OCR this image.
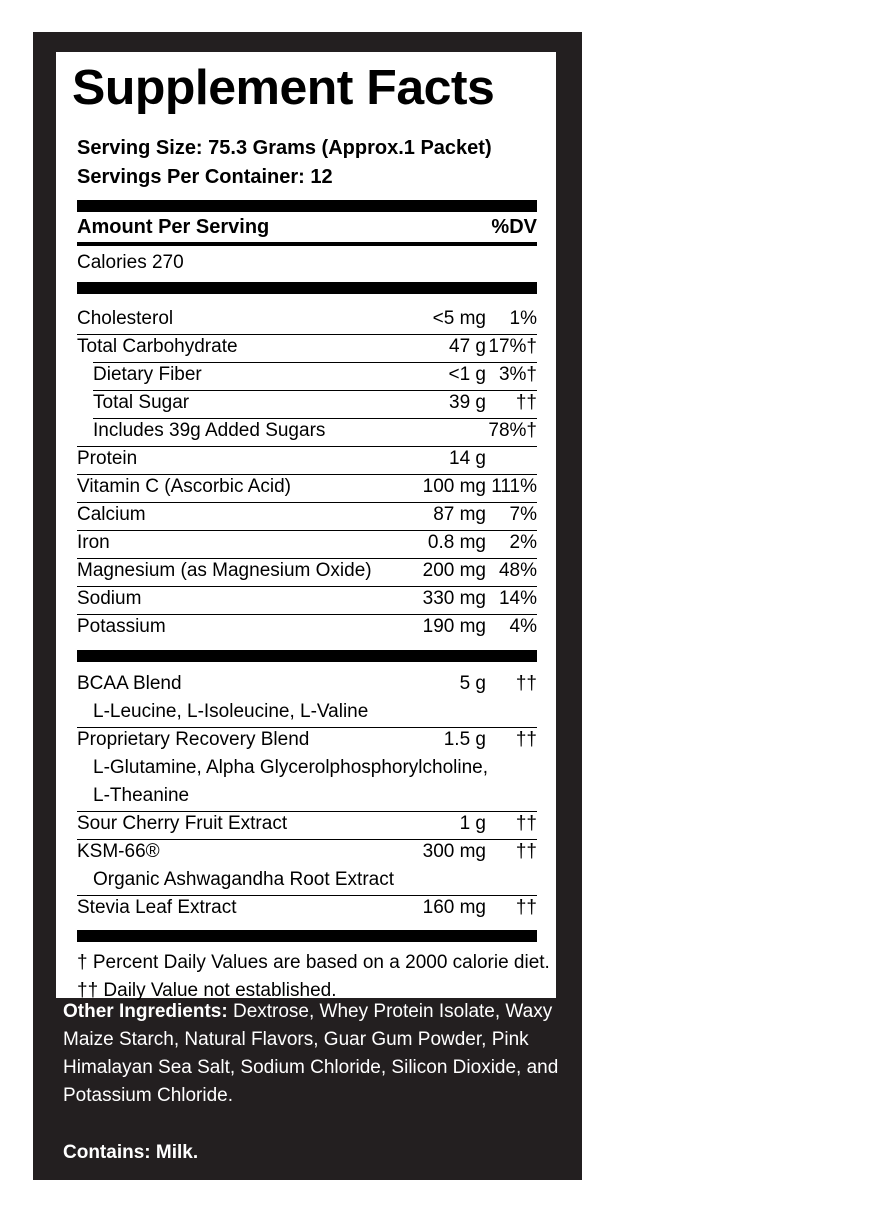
Supplement Facts
Serving Size: 75.3 Grams (Approx.1 Packet)
Servings Per Container: 12
Amount Per Serving	%DV
Calories 270
Cholesterol	<5 mg 1%
Total Carbohydrate	47 g 17%†
Dietary Fiber	<1 g 3%†
Total Sugar	39 g ††
Includes 39g Added Sugars	78%†
Protein	14 g
Vitamin C (Ascorbic Acid)	100 mg 111%
Calcium	87 mg 7%
Iron	0.8 mg 2%
Magnesium (as Magnesium Oxide)	200 mg 48%
Sodium	330 mg 14%
Potassium	190 mg 4%
BCAA Blend	5 g ††
L-Leucine, L-Isoleucine, L-Valine
Proprietary Recovery Blend	1.5 g ††
L-Glutamine, Alpha Glycerolphosphorylcholine,
L-Theanine
Sour Cherry Fruit Extract	1 g ††
KSM-66®	300 mg ††
Organic Ashwagandha Root Extract
Stevia Leaf Extract	160 mg ††
† Percent Daily Values are based on a 2000 calorie diet.
†† Daily Value not established.

Other Ingredients: Dextrose, Whey Protein Isolate, Waxy Maize Starch, Natural Flavors, Guar Gum Powder, Pink Himalayan Sea Salt, Sodium Chloride, Silicon Dioxide, and Potassium Chloride.

Contains: Milk.
